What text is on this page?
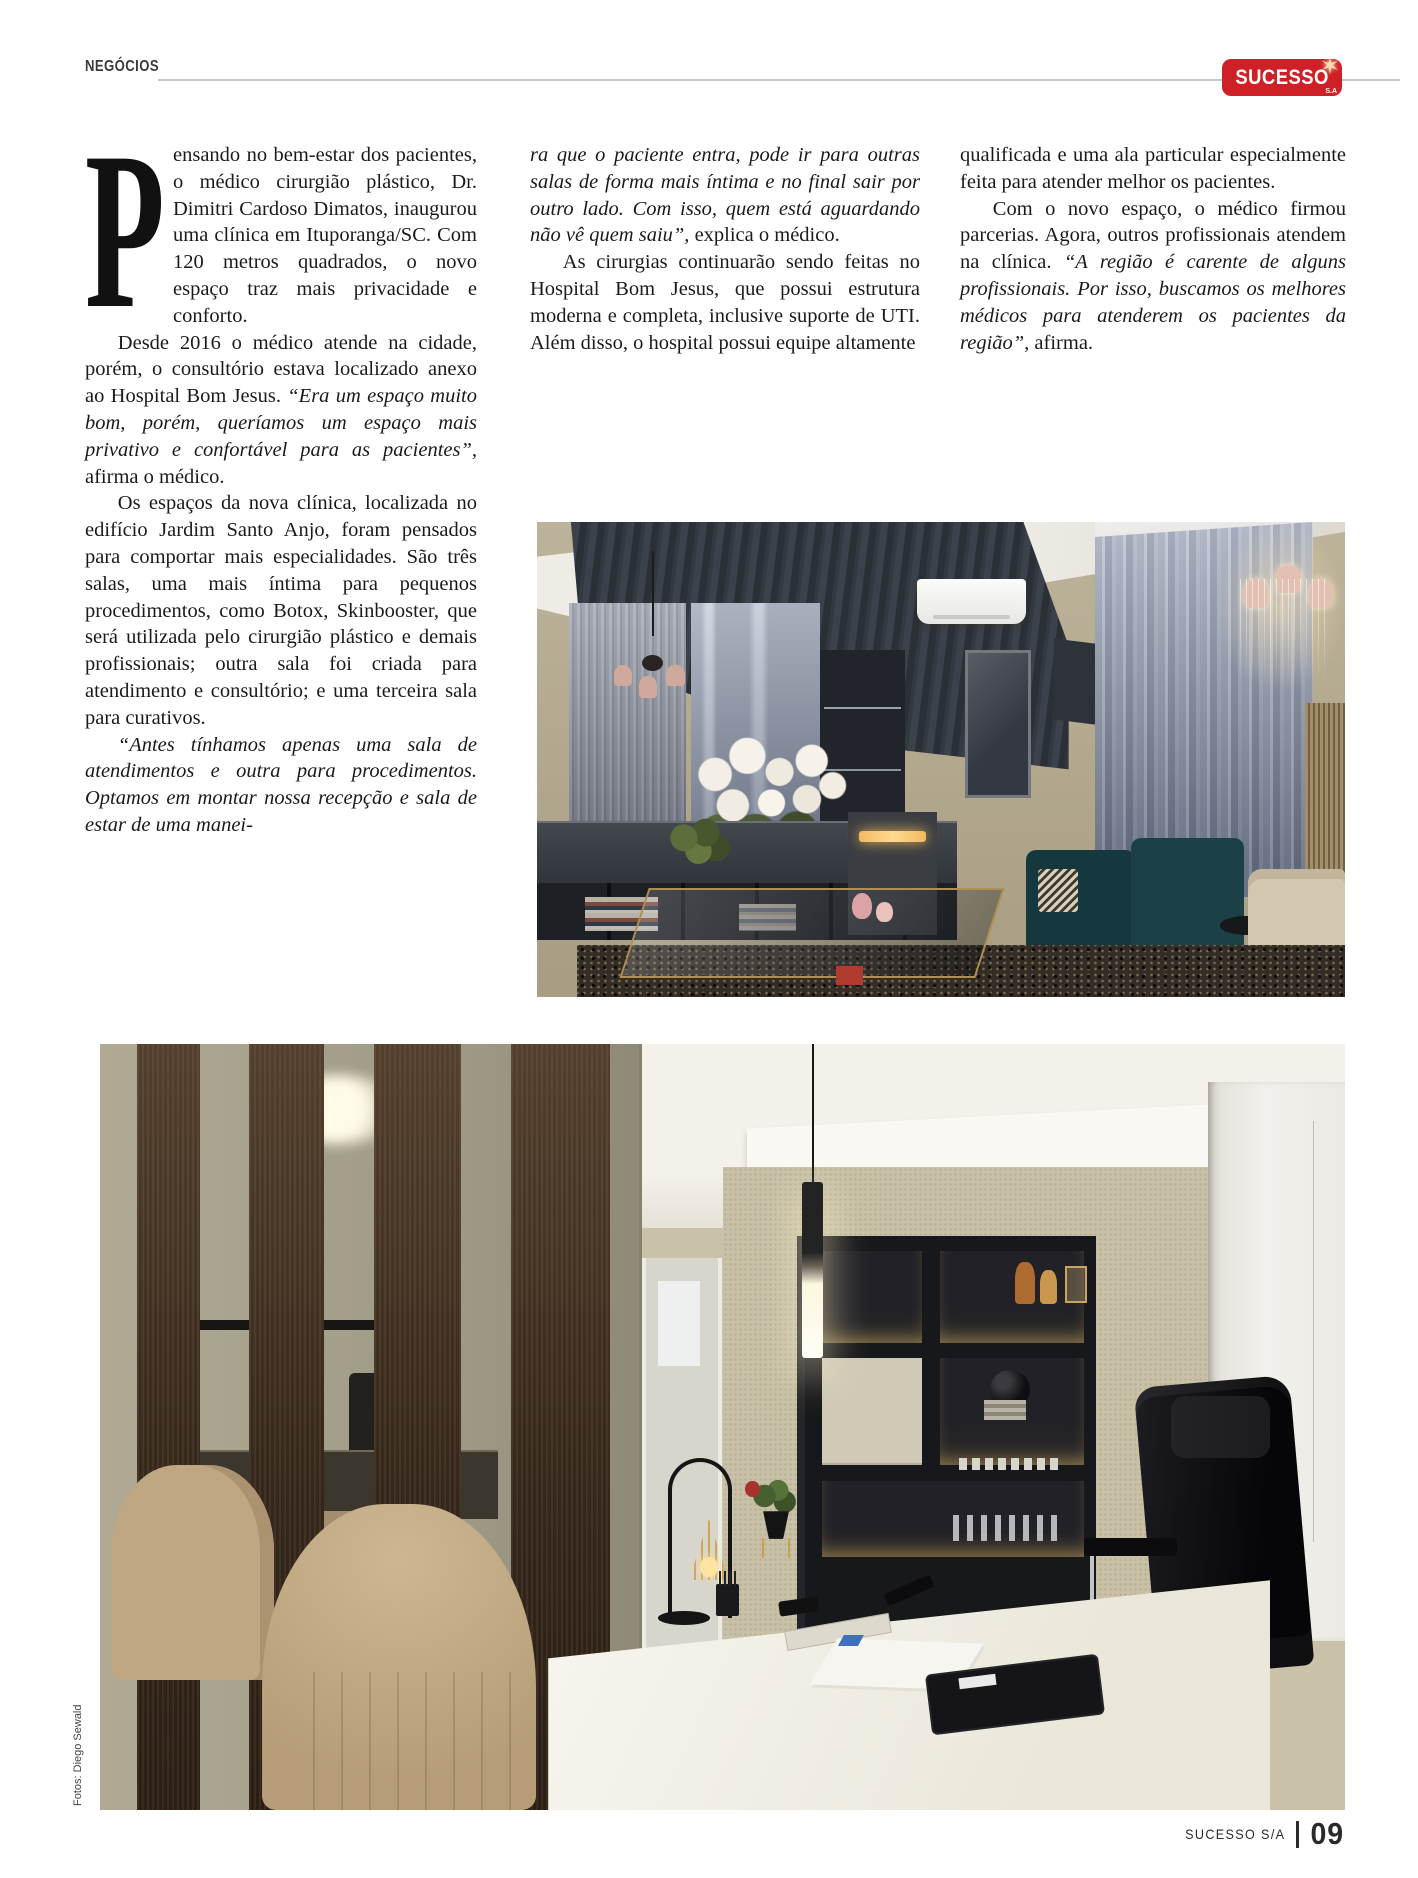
NEGÓCIOS	SUCESSO
✶
S.A

P ensando no bem-estar dos pacientes, o médico cirurgião plástico, Dr. Dimitri Cardoso Dimatos, inaugurou uma clínica em Ituporanga/SC. Com 120 metros quadrados, o novo espaço traz mais privacidade e conforto.

Desde 2016 o médico atende na cidade, porém, o consultório estava localizado anexo ao Hospital Bom Jesus. “Era um espaço muito bom, porém, queríamos um espaço mais privativo e confortável para as pacientes”, afirma o médico.

Os espaços da nova clínica, localizada no edifício Jardim Santo Anjo, foram pensados para comportar mais especialidades. São três salas, uma mais íntima para pequenos procedimentos, como Botox, Skinbooster, que será utilizada pelo cirurgião plástico e demais profissionais; outra sala foi criada para atendimento e consultório; e uma terceira sala para curativos.

“Antes tínhamos apenas uma sala de atendimentos e outra para procedimentos. Optamos em montar nossa recepção e sala de estar de uma manei-

ra que o paciente entra, pode ir para outras salas de forma mais íntima e no final sair por outro lado. Com isso, quem está aguardando não vê quem saiu”, explica o médico.

As cirurgias continuarão sendo feitas no Hospital Bom Jesus, que possui estrutura moderna e completa, inclusive suporte de UTI. Além disso, o hospital possui equipe altamente

qualificada e uma ala particular especialmente feita para atender melhor os pacientes.

Com o novo espaço, o médico firmou parcerias. Agora, outros profissionais atendem na clínica. “A região é carente de alguns profissionais. Por isso, buscamos os melhores médicos para atenderem os pacientes da região”, afirma.

Fotos: Diego Sewald
SUCESSO S/A 09
